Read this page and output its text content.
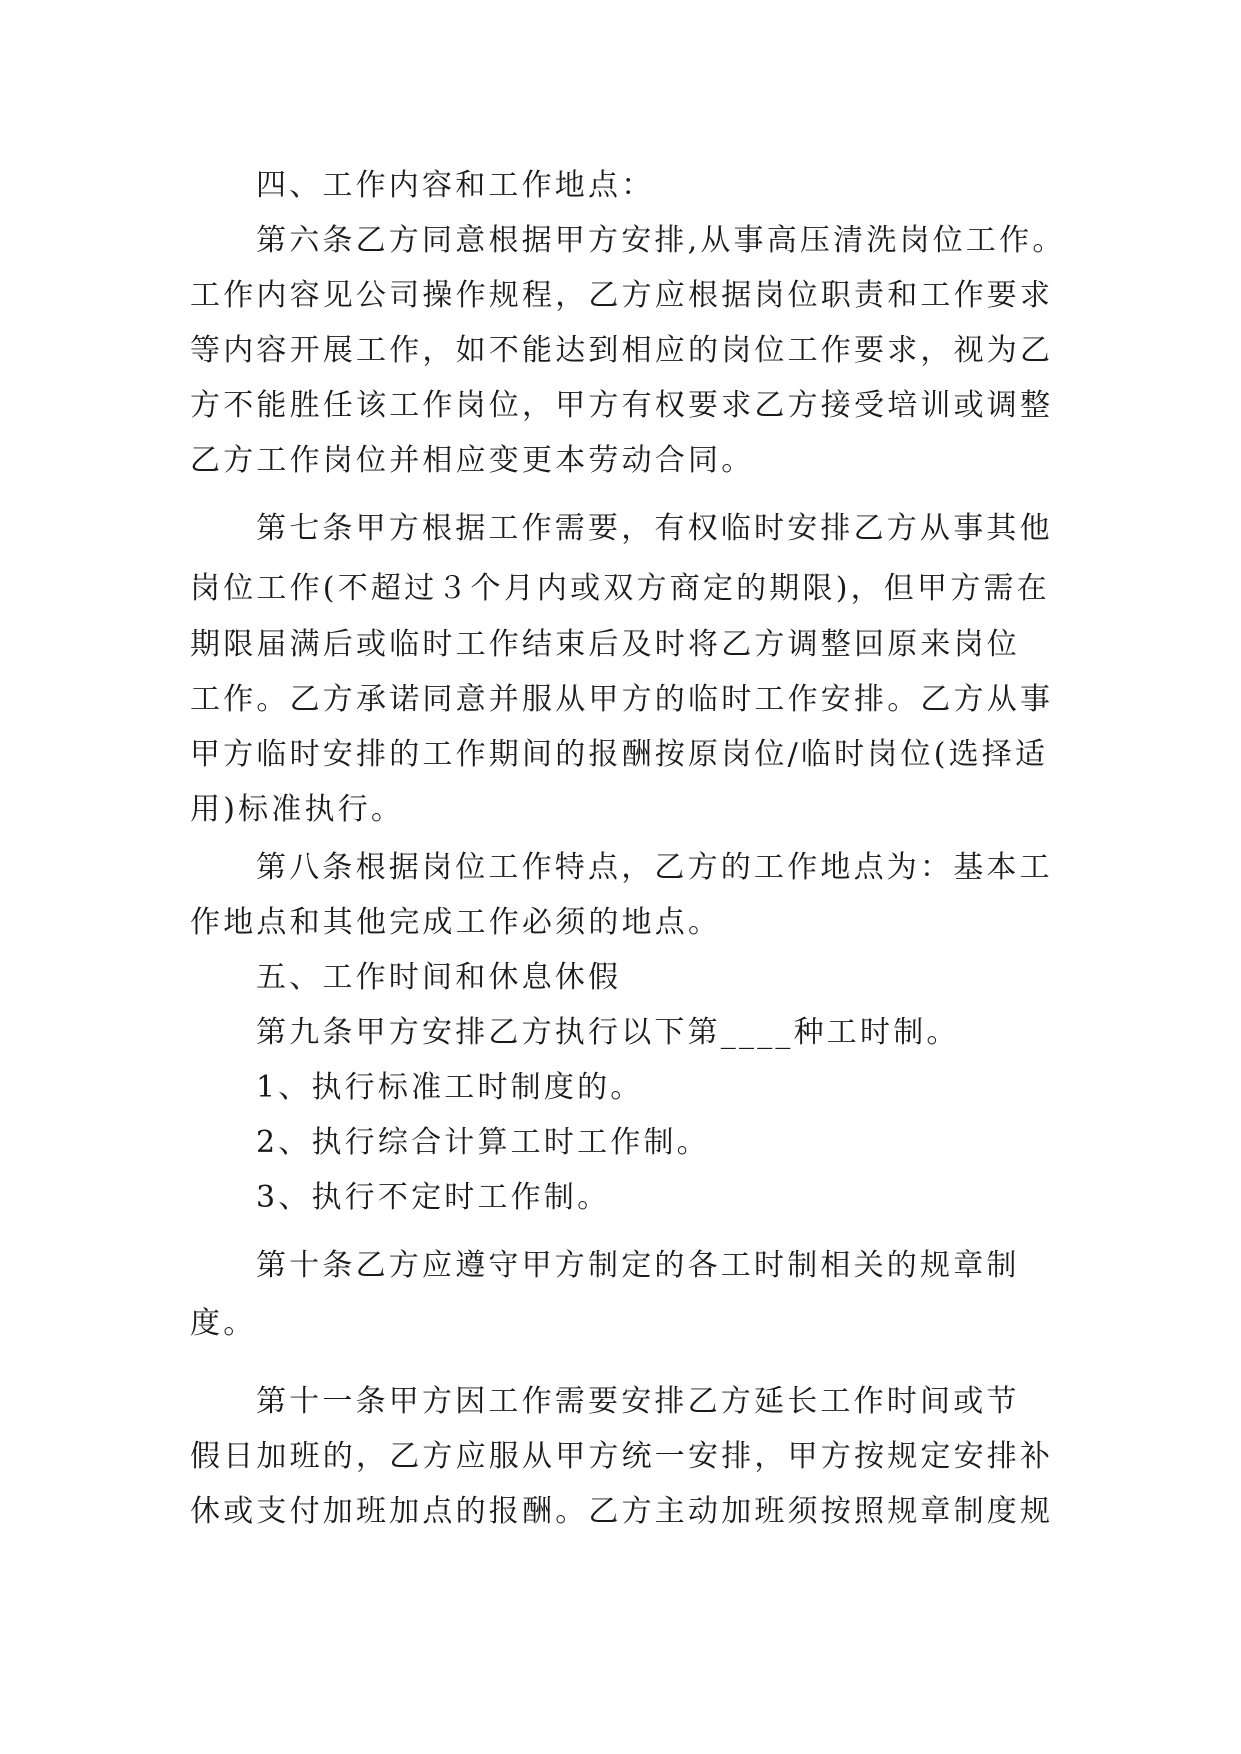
四、工作内容和工作地点：
第六条乙方同意根据甲方安排,从事高压清洗岗位工作。
工作内容见公司操作规程，乙方应根据岗位职责和工作要求
等内容开展工作，如不能达到相应的岗位工作要求，视为乙
方不能胜任该工作岗位，甲方有权要求乙方接受培训或调整
乙方工作岗位并相应变更本劳动合同。
第七条甲方根据工作需要，有权临时安排乙方从事其他
岗位工作(不超过３个月内或双方商定的期限)，但甲方需在
期限届满后或临时工作结束后及时将乙方调整回原来岗位
工作。乙方承诺同意并服从甲方的临时工作安排。乙方从事
甲方临时安排的工作期间的报酬按原岗位/临时岗位(选择适
用)标准执行。
第八条根据岗位工作特点，乙方的工作地点为：基本工
作地点和其他完成工作必须的地点。
五、工作时间和休息休假
第九条甲方安排乙方执行以下第____种工时制。
1、执行标准工时制度的。
2、执行综合计算工时工作制。
3、执行不定时工作制。
第十条乙方应遵守甲方制定的各工时制相关的规章制
度。
第十一条甲方因工作需要安排乙方延长工作时间或节
假日加班的，乙方应服从甲方统一安排，甲方按规定安排补
休或支付加班加点的报酬。乙方主动加班须按照规章制度规
